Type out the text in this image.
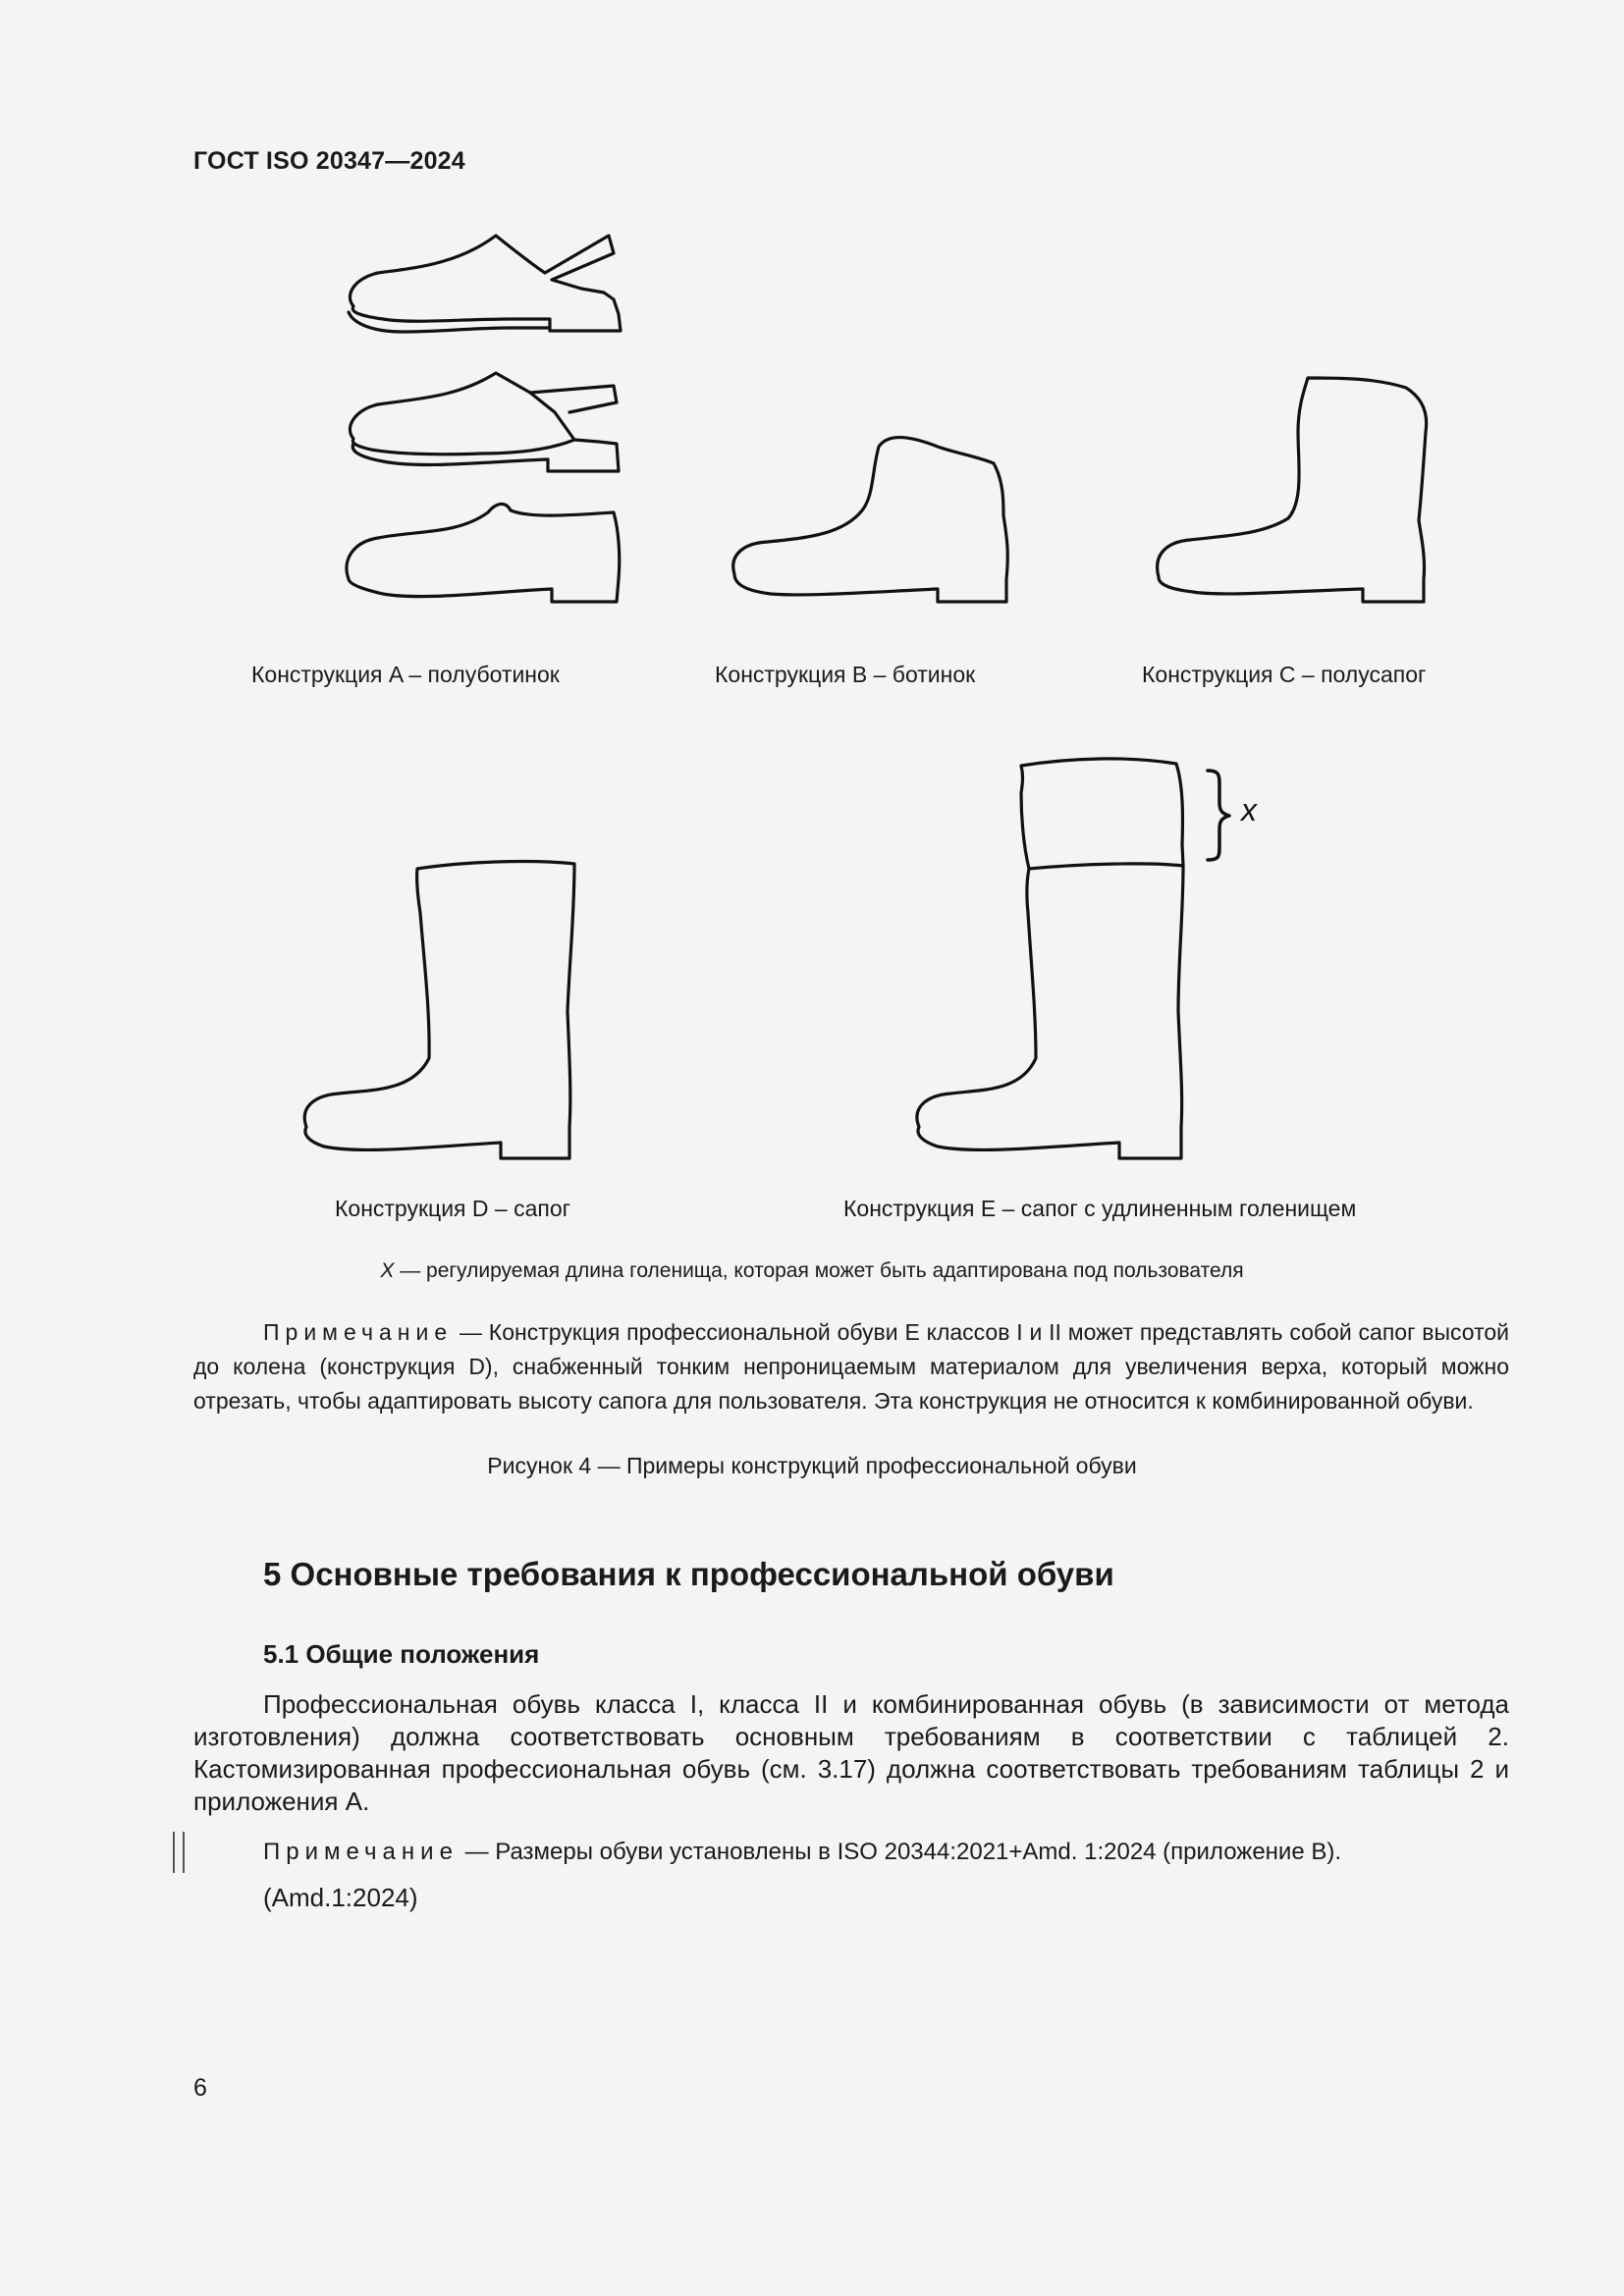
ГОСТ ISO 20347—2024
x
Конструкция A – полуботинок	Конструкция B – ботинок	Конструкция C – полусапог
Конструкция D – сапог	Конструкция E – сапог с удлиненным голенищем
X — регулируемая длина голенища, которая может быть адаптирована под пользователя
Примечание — Конструкция профессиональной обуви E классов I и II может представлять собой сапог высотой до колена (конструкция D), снабженный тонким непроницаемым материалом для увеличения верха, который можно отрезать, чтобы адаптировать высоту сапога для пользователя. Эта конструкция не относится к комбинированной обуви.
Рисунок 4 — Примеры конструкций профессиональной обуви
5 Основные требования к профессиональной обуви
5.1 Общие положения
Профессиональная обувь класса I, класса II и комбинированная обувь (в зависимости от метода изготовления) должна соответствовать основным требованиям в соответствии с таблицей 2. Кастомизированная профессиональная обувь (см. 3.17) должна соответствовать требованиям таблицы 2 и приложения A.
Примечание — Размеры обуви установлены в ISO 20344:2021+Amd. 1:2024 (приложение B).
(Amd.1:2024)
6
